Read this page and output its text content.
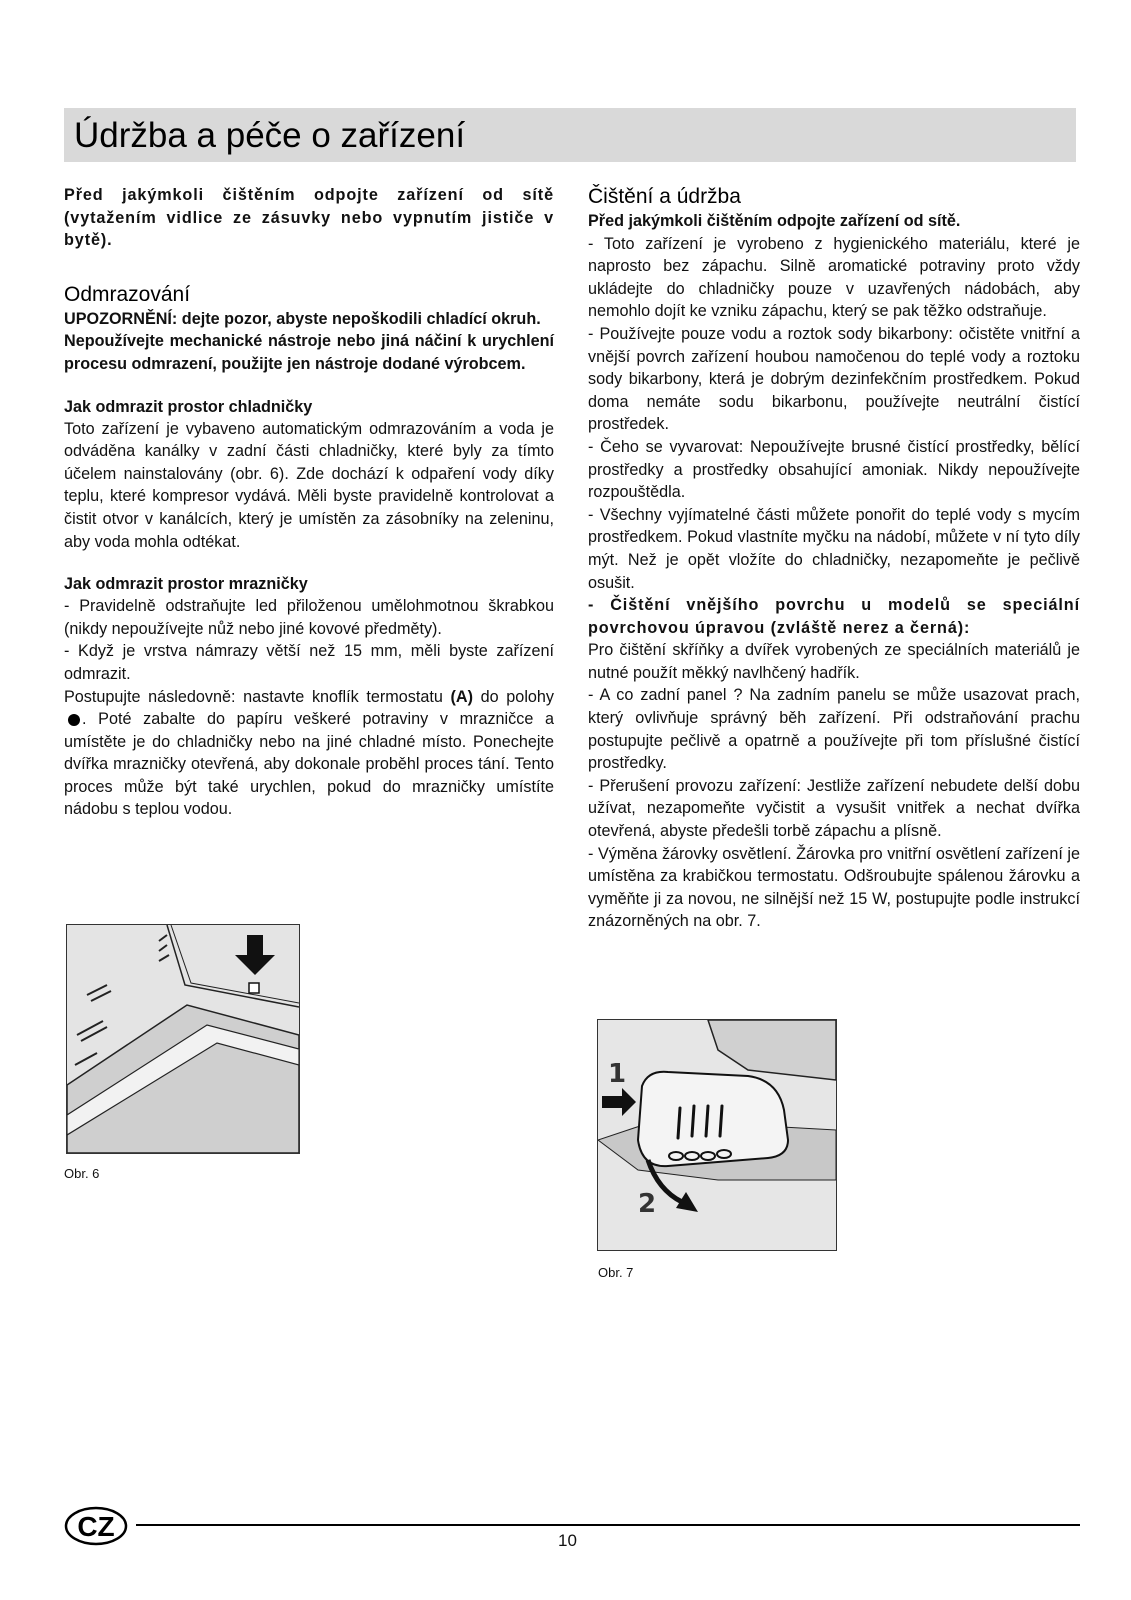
Údržba a péče o zařízení

Před jakýmkoli čištěním odpojte zařízení od sítě (vytažením vidlice ze zásuvky nebo vypnutím jističe v bytě).

Odmrazování

UPOZORNĚNÍ: dejte pozor, abyste nepoškodili chladící okruh.

Nepoužívejte mechanické nástroje nebo jiná náčiní k urychlení procesu odmrazení, použijte jen nástroje dodané výrobcem.

Jak odmrazit prostor chladničky

Toto zařízení je vybaveno automatickým odmrazováním a voda je odváděna kanálky v zadní části chladničky, které byly za tímto účelem nainstalovány (obr. 6). Zde dochází k odpaření vody díky teplu, které kompresor vydává. Měli byste pravidelně kontrolovat a čistit otvor v kanálcích, který je umístěn za zásobníky na zeleninu, aby voda mohla odtékat.

Jak odmrazit prostor mrazničky

- Pravidelně odstraňujte led přiloženou umělohmotnou škrabkou (nikdy nepoužívejte nůž nebo jiné kovové předměty).

- Když je vrstva námrazy větší než 15 mm, měli byste zařízení odmrazit.

Postupujte následovně: nastavte knoflík termostatu (A) do polohy . Poté zabalte do papíru veškeré potraviny v mrazničce a umístěte je do chladničky nebo na jiné chladné místo. Ponechejte dvířka mrazničky otevřená, aby dokonale proběhl proces tání. Tento proces může být také urychlen, pokud do mrazničky umístíte nádobu s teplou vodou.

Obr. 6
Čištění a údržba

Před jakýmkoli čištěním odpojte zařízení od sítě.

- Toto zařízení je vyrobeno z hygienického materiálu, které je naprosto bez zápachu. Silně aromatické potraviny proto vždy ukládejte do chladničky pouze v uzavřených nádobách, aby nemohlo dojít ke vzniku zápachu, který se pak těžko odstraňuje.

- Používejte pouze vodu a roztok sody bikarbony: očistěte vnitřní a vnější povrch zařízení houbou namočenou do teplé vody a roztoku sody bikarbony, která je dobrým dezinfekčním prostředkem. Pokud doma nemáte sodu bikarbonu, používejte neutrální čistící prostředek.

- Čeho se vyvarovat: Nepoužívejte brusné čistící prostředky, bělící prostředky a prostředky obsahující amoniak. Nikdy nepoužívejte rozpouštědla.

- Všechny vyjímatelné části můžete ponořit do teplé vody s mycím prostředkem. Pokud vlastníte myčku na nádobí, můžete v ní tyto díly mýt. Než je opět vložíte do chladničky, nezapomeňte je pečlivě osušit.

- Čištění vnějšího povrchu u modelů se speciální povrchovou úpravou (zvláště nerez a černá):

Pro čištění skříňky a dvířek vyrobených ze speciálních materiálů je nutné použít měkký navlhčený hadřík.

- A co zadní panel ? Na zadním panelu se může usazovat prach, který ovlivňuje správný běh zařízení. Při odstraňování prachu postupujte pečlivě a opatrně a používejte při tom příslušné čistící prostředky.

- Přerušení provozu zařízení: Jestliže zařízení nebudete delší dobu užívat, nezapomeňte vyčistit a vysušit vnitřek a nechat dvířka otevřená, abyste předešli torbě zápachu a plísně.

- Výměna žárovky osvětlení. Žárovka pro vnitřní osvětlení zařízení je umístěna za krabičkou termostatu. Odšroubujte spálenou žárovku a vyměňte ji za novou, ne silnější než 15 W, postupujte podle instrukcí znázorněných na obr. 7.

1
2
Obr. 7
CZ	10
